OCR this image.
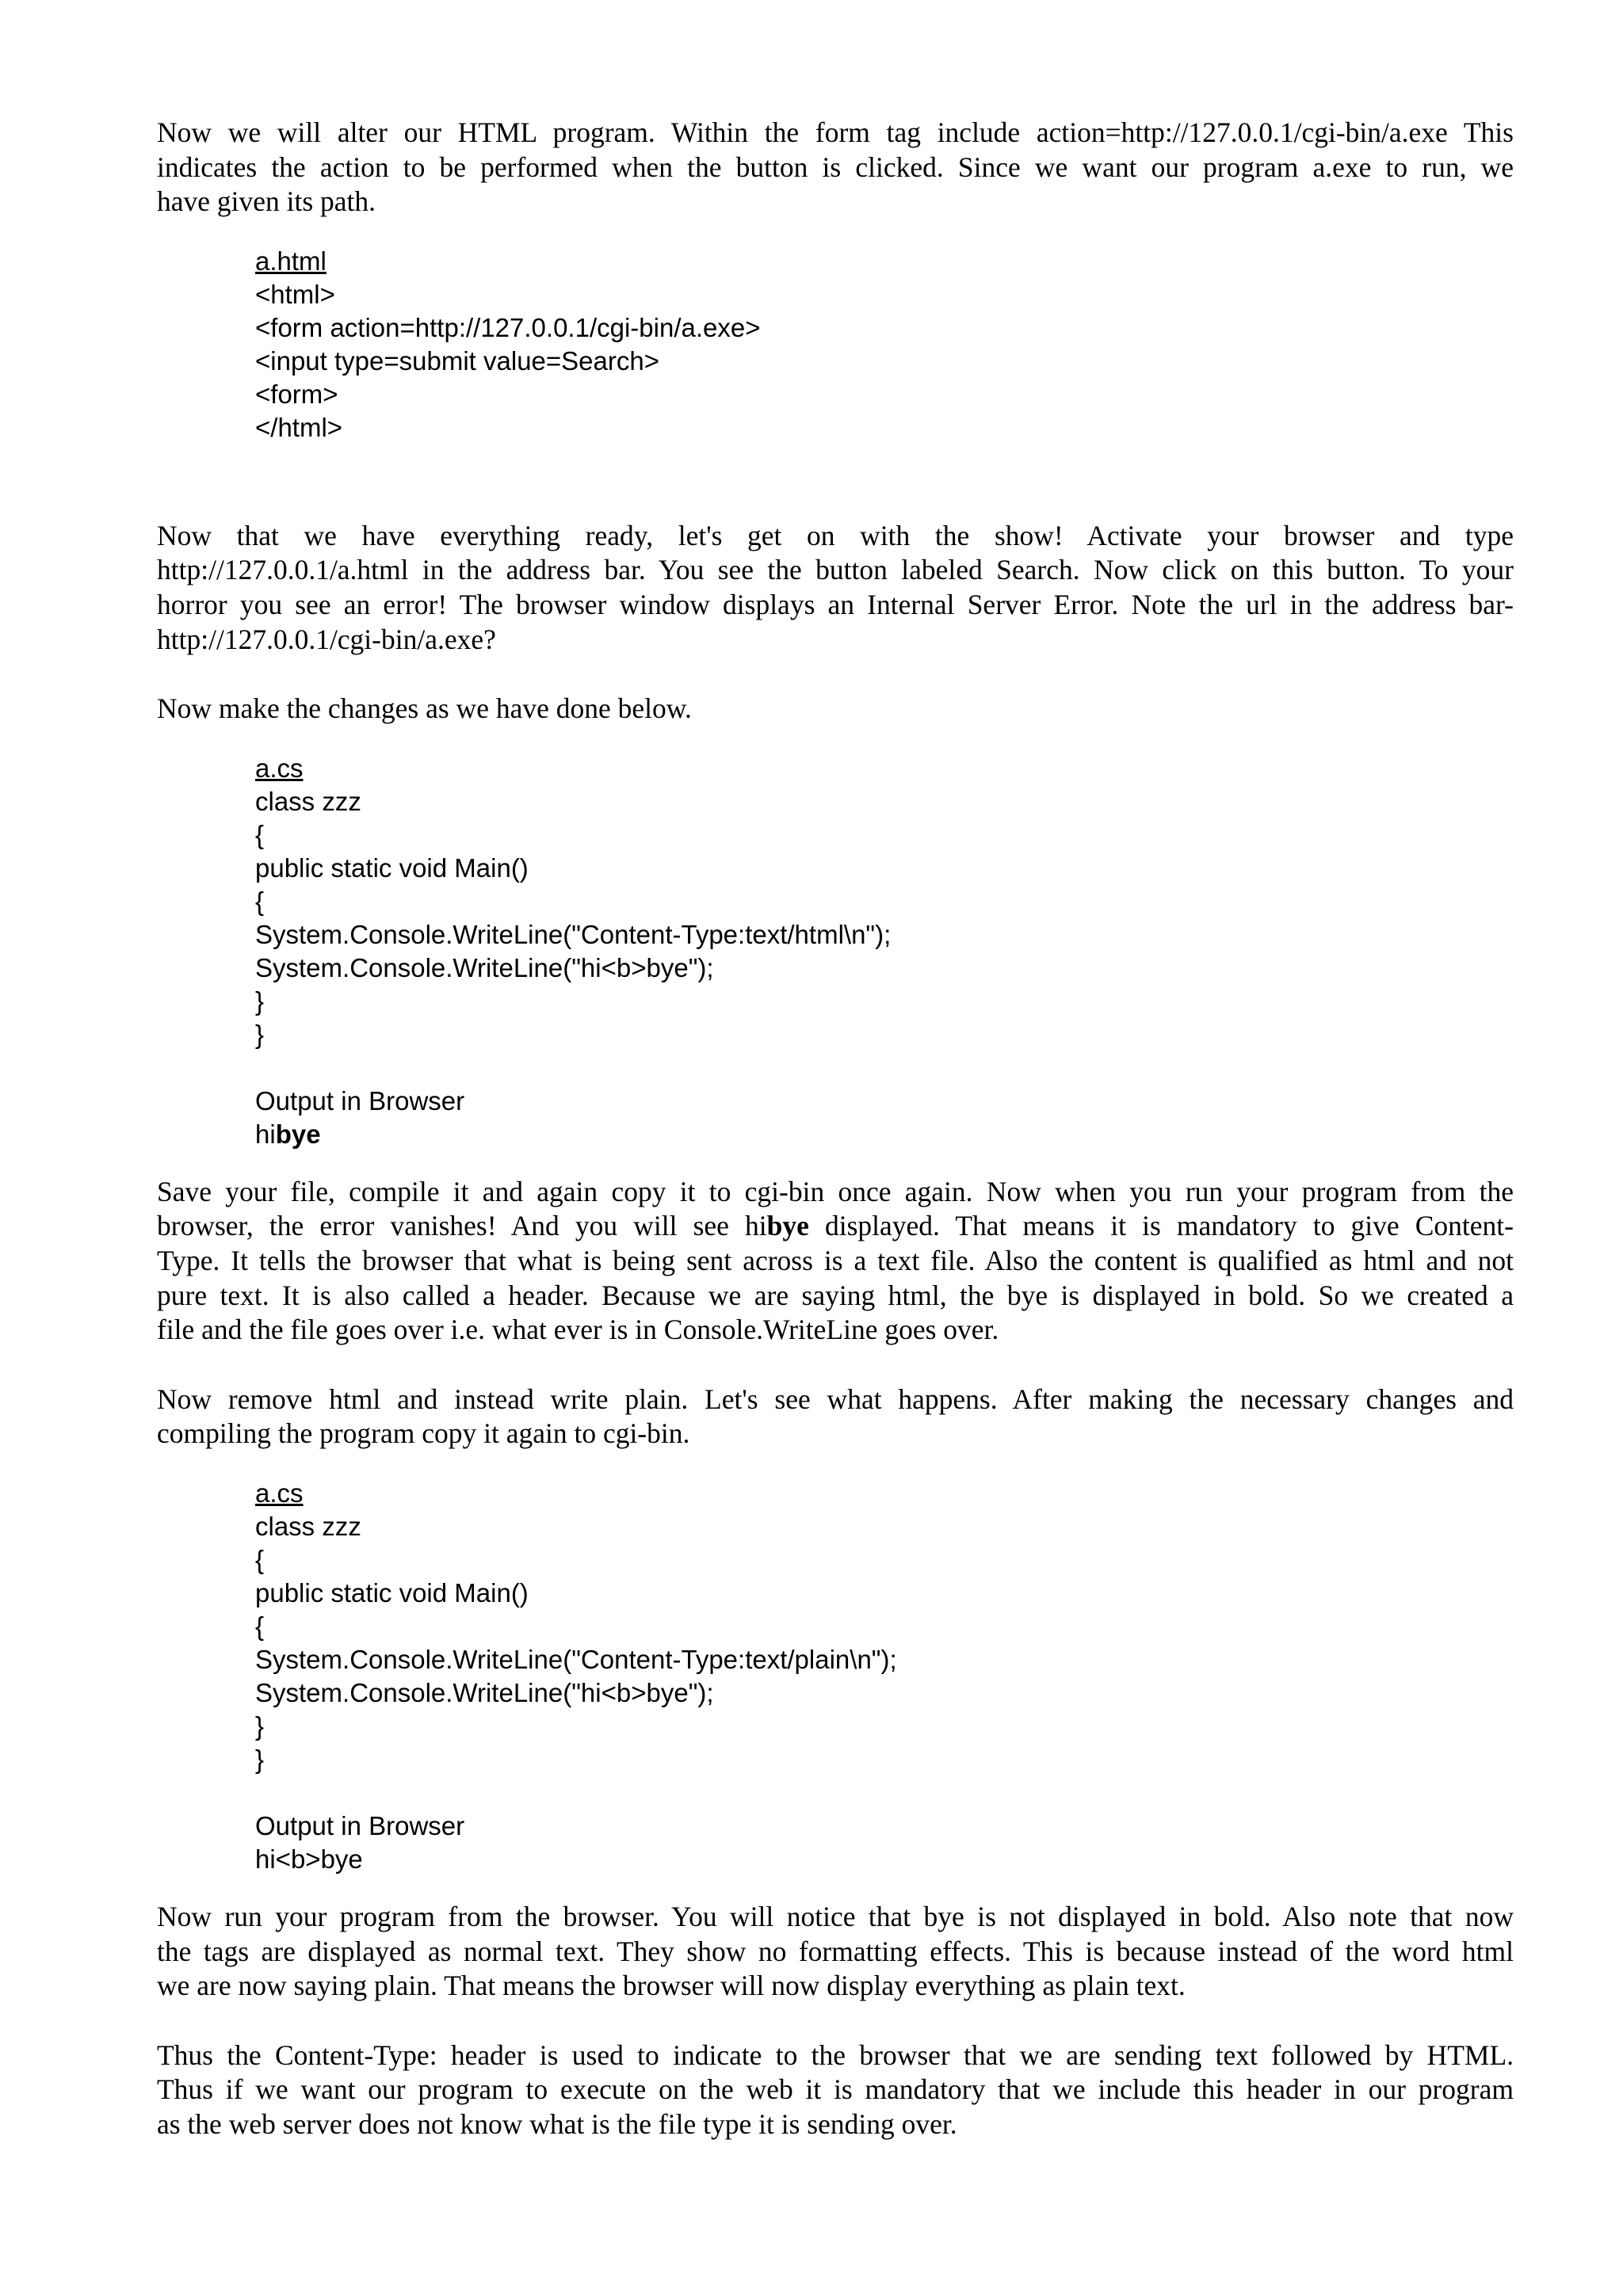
Now we will alter our HTML program. Within the form tag include action=http://127.0.0.1/cgi-bin/a.exe This
indicates the action to be performed when the button is clicked. Since we want our program a.exe to run, we
have given its path.

a.html
<html>
<form action=http://127.0.0.1/cgi-bin/a.exe>
<input type=submit value=Search>
<form>
</html>

Now that we have everything ready, let's get on with the show! Activate your browser and type
http://127.0.0.1/a.html in the address bar. You see the button labeled Search. Now click on this button. To your
horror you see an error! The browser window displays an Internal Server Error. Note the url in the address bar-
http://127.0.0.1/cgi-bin/a.exe?

Now make the changes as we have done below.

a.cs
class zzz
{
public static void Main()
{
System.Console.WriteLine("Content-Type:text/html\n");
System.Console.WriteLine("hi<b>bye");
}
}
Output in Browser
hibye

Save your file, compile it and again copy it to cgi-bin once again. Now when you run your program from the
browser, the error vanishes! And you will see hibye displayed. That means it is mandatory to give Content-
Type. It tells the browser that what is being sent across is a text file. Also the content is qualified as html and not
pure text. It is also called a header. Because we are saying html, the bye is displayed in bold. So we created a
file and the file goes over i.e. what ever is in Console.WriteLine goes over.

Now remove html and instead write plain. Let's see what happens. After making the necessary changes and
compiling the program copy it again to cgi-bin.

a.cs
class zzz
{
public static void Main()
{
System.Console.WriteLine("Content-Type:text/plain\n");
System.Console.WriteLine("hi<b>bye");
}
}
Output in Browser
hi<b>bye

Now run your program from the browser. You will notice that bye is not displayed in bold. Also note that now
the tags are displayed as normal text. They show no formatting effects. This is because instead of the word html
we are now saying plain. That means the browser will now display everything as plain text.

Thus the Content-Type: header is used to indicate to the browser that we are sending text followed by HTML.
Thus if we want our program to execute on the web it is mandatory that we include this header in our program
as the web server does not know what is the file type it is sending over.
